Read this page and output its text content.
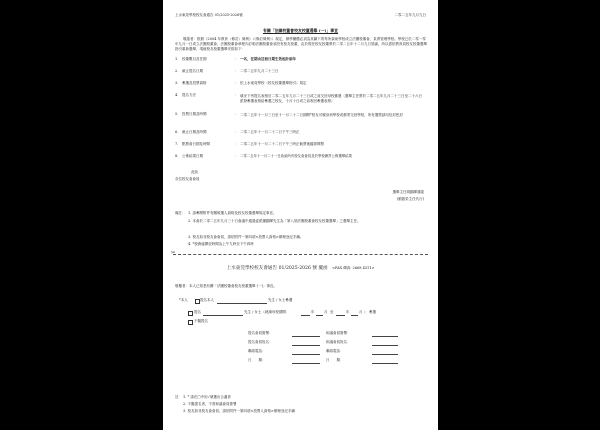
上水東莞學校校友會通告 01/2025-2026號	二零二五年九月九日
有關「法團校董會校友校董選舉 (一)」事宜
敬啟者：根據《2004 年教育（修訂）條例》（《修訂條例》）規定，辦學團體必須為其屬下的每所資助學校成立法團校董會，負責管理學校。學校已於二零一零年九月一日成立法團校董會，法團校董會章程內訂明法團校董會須設有校友校董，由於現任校友校董將於二零二五年十二月九日屆滿，所以需依教育局校友校董選舉指引重新選舉，現就校友校董選舉安排如下：
1. 校董數目及任期	： 一名，任期由註冊日期生效起計兩年
2. 截止提名日期	： 二零二五年九月二十三日
3. 參選及投票資格	： 依上水東莞學校（校友校董選舉指引）規定
4. 提名方法	： 填妥下列提名表格於二零二五年九月二十三日或之前交回母校郵遞（選舉主任將於二零二五年九月二十三日至二十六日派發參選表格給參選之校友，十月十日或之前收回參選表格）
5. 投票日期及時間	： 二零二五年十一月三日至十一月二十二日期間*校友可親身到學校或郵寄交回學校，所有選票請用信封密封
6. 截止日期及時間	： 二零二五年十一月二十二日下午三時正
7. 點票會日期及時間	： 二零二五年十一月二十二日下午三時正截票後隨即開票
8. 公佈結果日期	： 二零二五年十一月二十一日致函所有校友會會員及於學校網頁公佈選舉結果
此致
各位校友會會員
選舉主任胡錦暉謹啟
(劉啟榮主任代行)
備註： 1. 請參閱附件有關候選人資格及校友校董選舉規定事宜。
2. 本會於二零二五年九月三十日會議中通過委派鍾錦暉先生為「第八屆法團校董會校友校董選舉」之選舉主任。
3. 校友如非校友會會員，請依附件一第四項<投票人資格>辦理登記手續。
4. *校務處開放時間為上午九時至下午四時
✂
上水東莞學校校友會通告 01/2025-2026 號 覆函 <FAX 傳真: 2668 4311>
敬覆者：本人已知悉有關「法團校董會校友校董選舉 (一)」事宜。
*本人	提名本人	先生 / 女士參選
提名	先生 / 女士（就讀母校期間：	年	月 至	年	月 ） 參選
不擬提名
提名會員簽署：	和議會員簽署：
提名會員姓名：	和議會員姓名：
聯絡電話：	聯絡電話：
日　　期：	日　　期：
註 1. * 請在□中用✓號選出合適者
2. 不擬提名者，不需和議會員簽署
3. 校友如非校友會會員，請依附件一第四項<投票人資格>辦理登記手續
